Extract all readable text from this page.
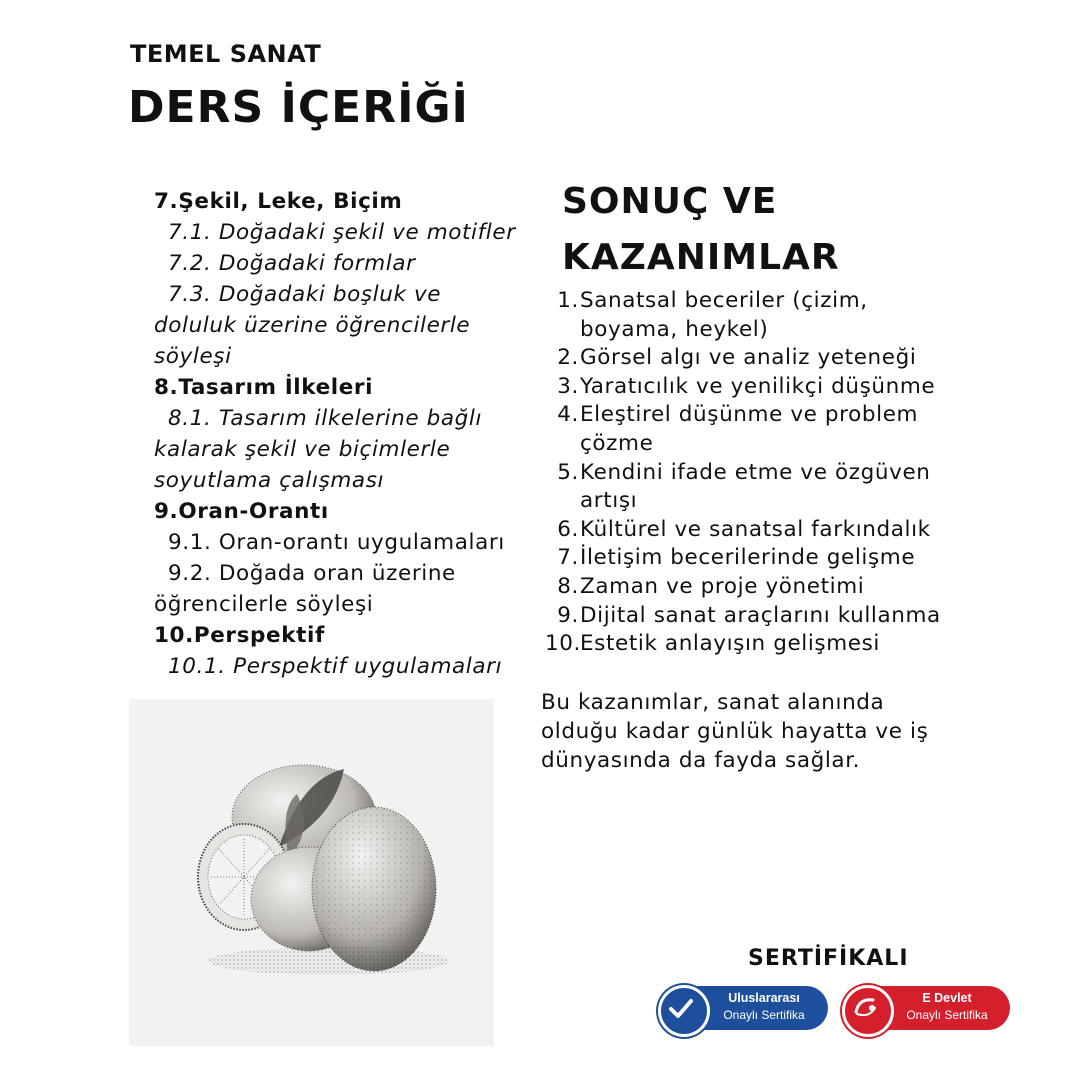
TEMEL SANAT
DERS İÇERİĞİ
7.Şekil, Leke, Biçim
7.1. Doğadaki şekil ve motifler
7.2. Doğadaki formlar
7.3. Doğadaki boşluk ve
doluluk üzerine öğrencilerle
söyleşi
8.Tasarım İlkeleri
8.1. Tasarım ilkelerine bağlı
kalarak şekil ve biçimlerle
soyutlama çalışması
9.Oran-Orantı
9.1. Oran-orantı uygulamaları
9.2. Doğada oran üzerine
öğrencilerle söyleşi
10.Perspektif
10.1. Perspektif uygulamaları
SONUÇ VE
KAZANIMLAR
1. Sanatsal beceriler (çizim,
boyama, heykel)
2. Görsel algı ve analiz yeteneği
3. Yaratıcılık ve yenilikçi düşünme
4. Eleştirel düşünme ve problem
çözme
5. Kendini ifade etme ve özgüven
artışı
6. Kültürel ve sanatsal farkındalık
7. İletişim becerilerinde gelişme
8. Zaman ve proje yönetimi
9. Dijital sanat araçlarını kullanma
10. Estetik anlayışın gelişmesi
Bu kazanımlar, sanat alanında
olduğu kadar günlük hayatta ve iş
dünyasında da fayda sağlar.
SERTİFİKALI
Uluslararası
Onaylı Sertifika
E Devlet
Onaylı Sertifika
